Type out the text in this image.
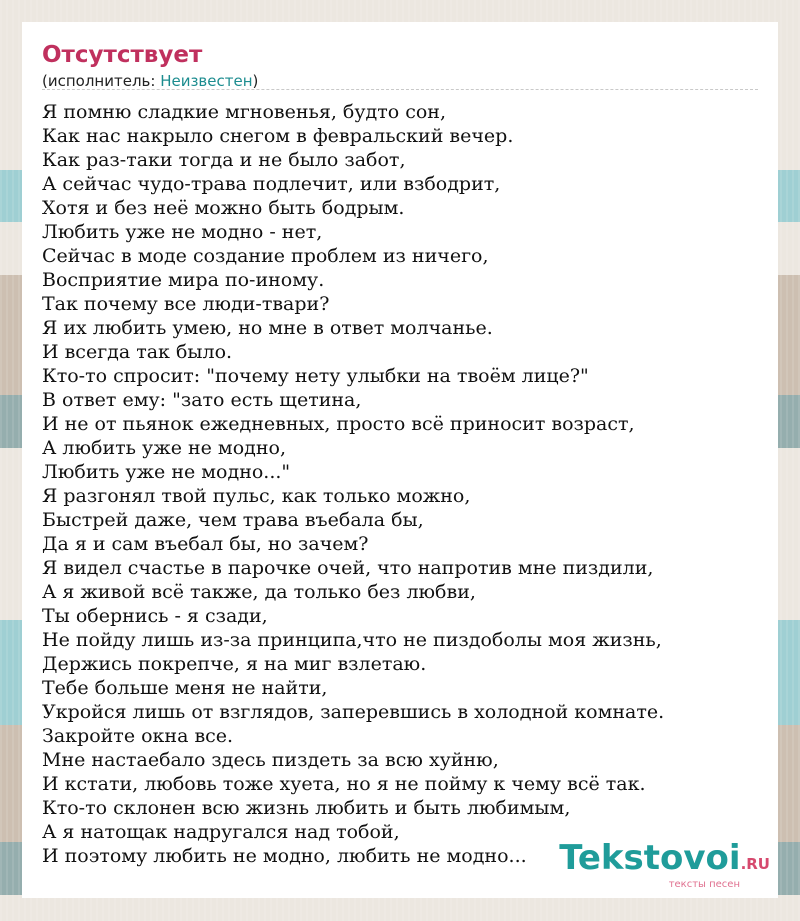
Отсутствует
(исполнитель: Неизвестен)
Я помню сладкие мгновенья, будто сон,
Как нас накрыло снегом в февральский вечер.
Как раз-таки тогда и не было забот,
А сейчас чудо-трава подлечит, или взбодрит,
Хотя и без неё можно быть бодрым.
Любить уже не модно - нет,
Сейчас в моде создание проблем из ничего,
Восприятие мира по-иному.
Так почему все люди-твари?
Я их любить умею, но мне в ответ молчанье.
И всегда так было.
Кто-то спросит: "почему нету улыбки на твоём лице?"
В ответ ему: "зато есть щетина,
И не от пьянок ежедневных, просто всё приносит возраст,
А любить уже не модно,
Любить уже не модно..."
Я разгонял твой пульс, как только можно,
Быстрей даже, чем трава въебала бы,
Да я и сам въебал бы, но зачем?
Я видел счастье в парочке очей, что напротив мне пиздили,
А я живой всё также, да только без любви,
Ты обернись - я сзади,
Не пойду лишь из-за принципа,что не пиздоболы моя жизнь,
Держись покрепче, я на миг взлетаю.
Тебе больше меня не найти,
Укройся лишь от взглядов, заперевшись в холодной комнате.
Закройте окна все.
Мне настаебало здесь пиздеть за всю хуйню,
И кстати, любовь тоже хуета, но я не пойму к чему всё так.
Кто-то склонен всю жизнь любить и быть любимым,
А я натощак надругался над тобой,
И поэтому любить не модно, любить не модно... Tekstovoi.RU
тексты песен
